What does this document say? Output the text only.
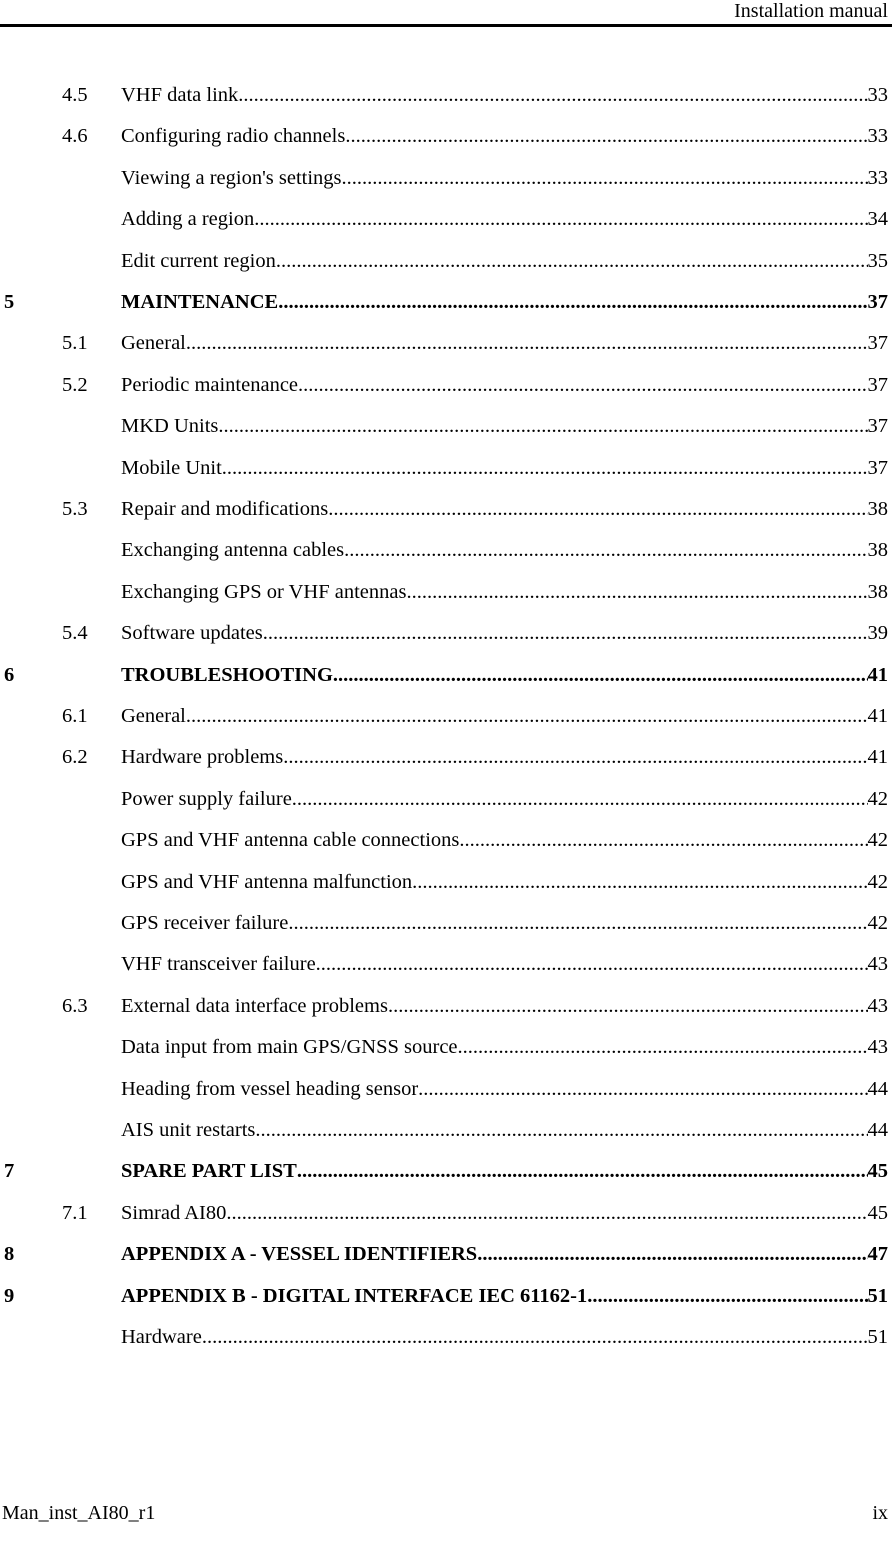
Installation manual
4.5 VHF data link .....	33
4.6 Configuring radio channels .....	33
Viewing a region's settings .....	33
Adding a region .....	34
Edit current region .....	35
5	MAINTENANCE .....	37
5.1 General .....	37
5.2 Periodic maintenance .....	37
MKD Units .....	37
Mobile Unit .....	37
5.3 Repair and modifications .....	38
Exchanging antenna cables .....	38
Exchanging GPS or VHF antennas .....	38
5.4 Software updates .....	39
6	TROUBLESHOOTING .....	41
6.1 General .....	41
6.2 Hardware problems .....	41
Power supply failure .....	42
GPS and VHF antenna cable connections .....	42
GPS and VHF antenna malfunction .....	42
GPS receiver failure .....	42
VHF transceiver failure .....	43
6.3 External data interface problems .....	43
Data input from main GPS/GNSS source .....	43
Heading from vessel heading sensor .....	44
AIS unit restarts .....	44
7	SPARE PART LIST .....	45
7.1 Simrad AI80 .....	45
8	APPENDIX A - VESSEL IDENTIFIERS .....	47
9	APPENDIX B - DIGITAL INTERFACE IEC 61162-1 .....	51
Hardware .....	51
Man_inst_AI80_r1	ix
